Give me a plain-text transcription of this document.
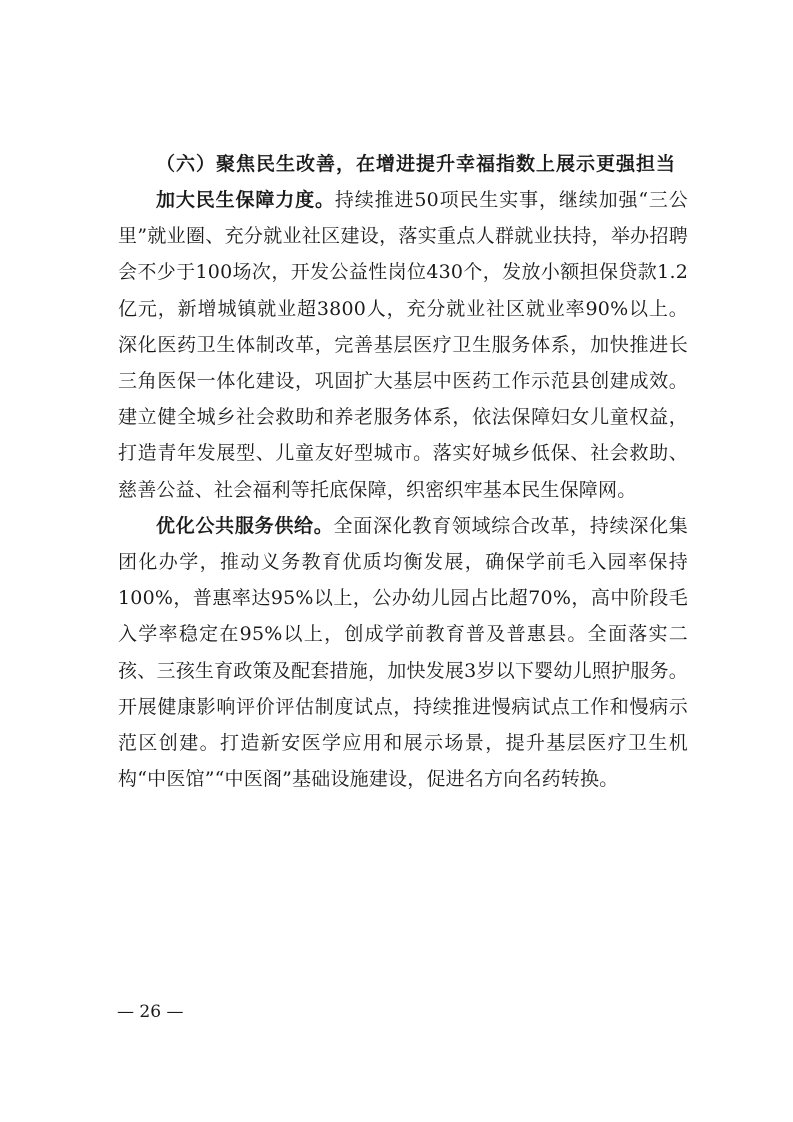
（六）聚焦民生改善，在增进提升幸福指数上展示更强担当

加大民生保障力度。持续推进50项民生实事，继续加强“三公里”就业圈、充分就业社区建设，落实重点人群就业扶持，举办招聘会不少于100场次，开发公益性岗位430个，发放小额担保贷款1.2亿元，新增城镇就业超3800人，充分就业社区就业率90%以上。深化医药卫生体制改革，完善基层医疗卫生服务体系，加快推进长三角医保一体化建设，巩固扩大基层中医药工作示范县创建成效。建立健全城乡社会救助和养老服务体系，依法保障妇女儿童权益，打造青年发展型、儿童友好型城市。落实好城乡低保、社会救助、慈善公益、社会福利等托底保障，织密织牢基本民生保障网。

优化公共服务供给。全面深化教育领域综合改革，持续深化集团化办学，推动义务教育优质均衡发展，确保学前毛入园率保持100%，普惠率达95%以上，公办幼儿园占比超70%，高中阶段毛入学率稳定在95%以上，创成学前教育普及普惠县。全面落实二孩、三孩生育政策及配套措施，加快发展3岁以下婴幼儿照护服务。开展健康影响评价评估制度试点，持续推进慢病试点工作和慢病示范区创建。打造新安医学应用和展示场景，提升基层医疗卫生机构“中医馆”“中医阁”基础设施建设，促进名方向名药转换。

— 26 —
